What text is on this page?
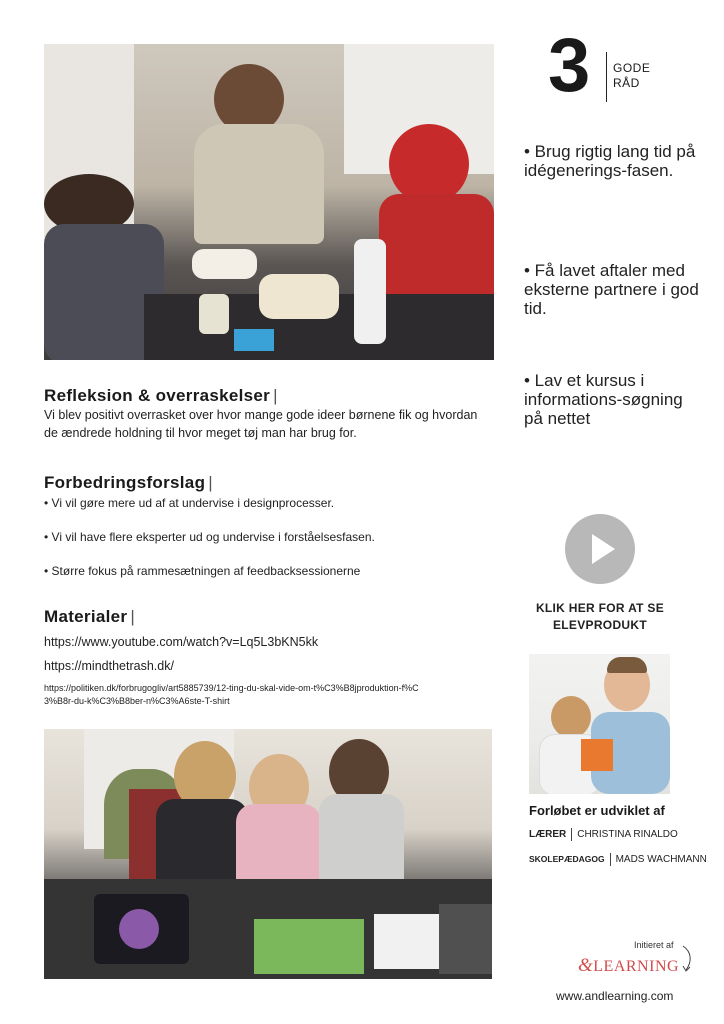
3 GODE
RÅD
• Brug rigtig lang tid på idégenerings-fasen.
• Få lavet aftaler med eksterne partnere i god tid.
• Lav et kursus i informations-søgning på nettet
Refleksion & overraskelser |
Vi blev positivt overrasket over hvor mange gode ideer børnene fik og hvordan de ændrede holdning til hvor meget tøj man har brug for.
Forbedringsforslag |
• Vi vil gøre mere ud af at undervise i designprocesser.
• Vi vil have flere eksperter ud og undervise i forståelsesfasen.
• Større fokus på rammesætningen af feedbacksessionerne
Materialer |
https://www.youtube.com/watch?v=Lq5L3bKN5kk
https://mindthetrash.dk/
https://politiken.dk/forbrugogliv/art5885739/12-ting-du-skal-vide-om-t%C3%B8jproduktion-f%C3%B8r-du-k%C3%B8ber-n%C3%A6ste-T-shirt
KLIK HER FOR AT SE ELEVPRODUKT
Forløbet er udviklet af
LÆRER CHRISTINA RINALDO
SKOLEPÆDAGOG MADS WACHMANN
Initieret af
&LEARNING
www.andlearning.com
